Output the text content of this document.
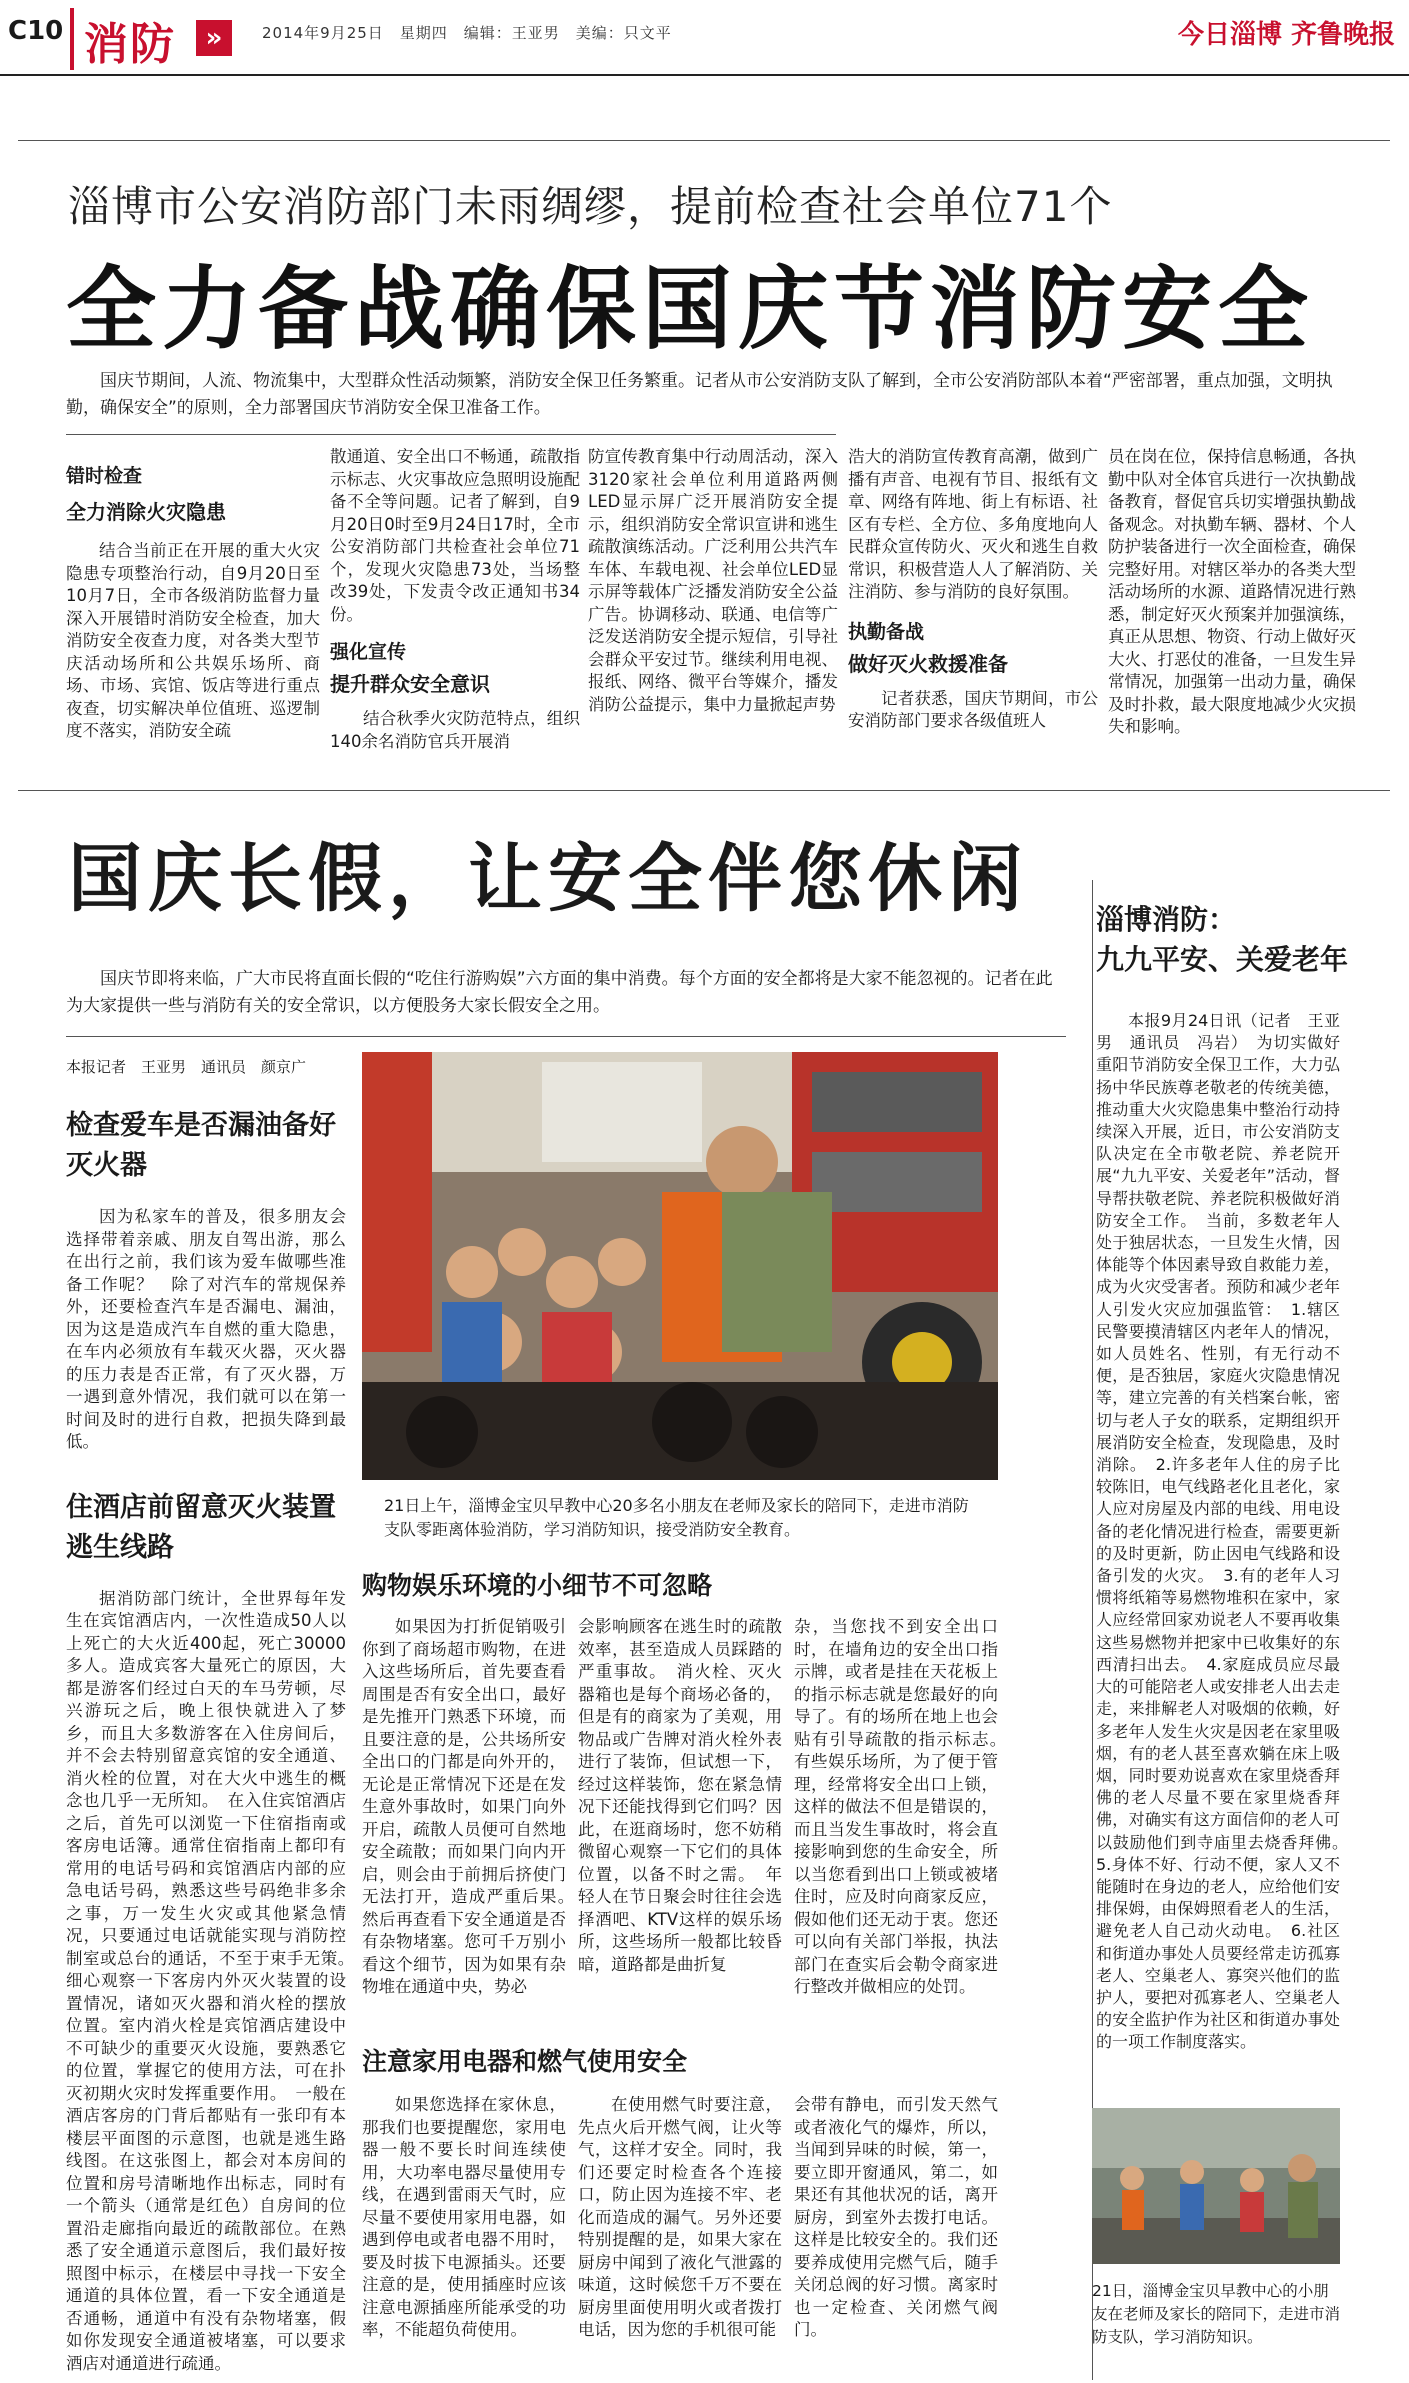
C10 消防	»	2014年9月25日　星期四　编辑：王亚男　美编：只文平	今日淄博 齐鲁晚报
淄博市公安消防部门未雨绸缪，提前检查社会单位71个
全力备战确保国庆节消防安全
国庆节期间，人流、物流集中，大型群众性活动频繁，消防安全保卫任务繁重。记者从市公安消防支队了解到，全市公安消防部队本着“严密部署，重点加强，文明执勤，确保安全”的原则，全力部署国庆节消防安全保卫准备工作。
错时检查
全力消除火灾隐患

结合当前正在开展的重大火灾隐患专项整治行动，自9月20日至10月7日，全市各级消防监督力量深入开展错时消防安全检查，加大消防安全夜查力度，对各类大型节庆活动场所和公共娱乐场所、商场、市场、宾馆、饭店等进行重点夜查，切实解决单位值班、巡逻制度不落实，消防安全疏

散通道、安全出口不畅通，疏散指示标志、火灾事故应急照明设施配备不全等问题。记者了解到，自9月20日0时至9月24日17时，全市公安消防部门共检查社会单位71个，发现火灾隐患73处，当场整改39处，下发责令改正通知书34份。

强化宣传
提升群众安全意识

结合秋季火灾防范特点，组织140余名消防官兵开展消

防宣传教育集中行动周活动，深入3120家社会单位利用道路两侧LED显示屏广泛开展消防安全提示，组织消防安全常识宣讲和逃生疏散演练活动。广泛利用公共汽车车体、车载电视、社会单位LED显示屏等载体广泛播发消防安全公益广告。协调移动、联通、电信等广泛发送消防安全提示短信，引导社会群众平安过节。继续利用电视、报纸、网络、微平台等媒介，播发消防公益提示，集中力量掀起声势

浩大的消防宣传教育高潮，做到广播有声音、电视有节目、报纸有文章、网络有阵地、街上有标语、社区有专栏、全方位、多角度地向人民群众宣传防火、灭火和逃生自救常识，积极营造人人了解消防、关注消防、参与消防的良好氛围。

执勤备战
做好灭火救援准备

记者获悉，国庆节期间，市公安消防部门要求各级值班人

员在岗在位，保持信息畅通，各执勤中队对全体官兵进行一次执勤战备教育，督促官兵切实增强执勤战备观念。对执勤车辆、器材、个人防护装备进行一次全面检查，确保完整好用。对辖区举办的各类大型活动场所的水源、道路情况进行熟悉，制定好灭火预案并加强演练，真正从思想、物资、行动上做好灭大火、打恶仗的准备，一旦发生异常情况，加强第一出动力量，确保及时扑救，最大限度地减少火灾损失和影响。

国庆长假，让安全伴您休闲
国庆节即将来临，广大市民将直面长假的“吃住行游购娱”六方面的集中消费。每个方面的安全都将是大家不能忽视的。记者在此为大家提供一些与消防有关的安全常识，以方便股务大家长假安全之用。
本报记者　王亚男　通讯员　颜京广
检查爱车是否漏油备好灭火器

因为私家车的普及，很多朋友会选择带着亲戚、朋友自驾出游，那么在出行之前，我们该为爱车做哪些准备工作呢？　除了对汽车的常规保养外，还要检查汽车是否漏电、漏油，因为这是造成汽车自燃的重大隐患，在车内必须放有车载灭火器，灭火器的压力表是否正常，有了灭火器，万一遇到意外情况，我们就可以在第一时间及时的进行自救，把损失降到最低。

住酒店前留意灭火装置逃生线路

据消防部门统计，全世界每年发生在宾馆酒店内，一次性造成50人以上死亡的大火近400起，死亡30000多人。造成宾客大量死亡的原因，大都是游客们经过白天的车马劳顿，尽兴游玩之后，晚上很快就进入了梦乡，而且大多数游客在入住房间后，并不会去特别留意宾馆的安全通道、消火栓的位置，对在大火中逃生的概念也几乎一无所知。　在入住宾馆酒店之后，首先可以浏览一下住宿指南或客房电话簿。通常住宿指南上都印有常用的电话号码和宾馆酒店内部的应急电话号码，熟悉这些号码绝非多余之事，万一发生火灾或其他紧急情况，只要通过电话就能实现与消防控制室或总台的通话，不至于束手无策。　细心观察一下客房内外灭火装置的设置情况，诸如灭火器和消火栓的摆放位置。室内消火栓是宾馆酒店建设中不可缺少的重要灭火设施，要熟悉它的位置，掌握它的使用方法，可在扑灭初期火灾时发挥重要作用。　一般在酒店客房的门背后都贴有一张印有本楼层平面图的示意图，也就是逃生路线图。在这张图上，都会对本房间的位置和房号清晰地作出标志，同时有一个箭头（通常是红色）自房间的位置沿走廊指向最近的疏散部位。在熟悉了安全通道示意图后，我们最好按照图中标示，在楼层中寻找一下安全通道的具体位置，看一下安全通道是否通畅，通道中有没有杂物堵塞，假如你发现安全通道被堵塞，可以要求酒店对通道进行疏通。

21日上午，淄博金宝贝早教中心20多名小朋友在老师及家长的陪同下，走进市消防支队零距离体验消防，学习消防知识，接受消防安全教育。
购物娱乐环境的小细节不可忽略

如果因为打折促销吸引你到了商场超市购物，在进入这些场所后，首先要查看周围是否有安全出口，最好是先推开门熟悉下环境，而且要注意的是，公共场所安全出口的门都是向外开的，无论是正常情况下还是在发生意外事故时，如果门向外开启，疏散人员便可自然地安全疏散；而如果门向内开启，则会由于前拥后挤使门无法打开，造成严重后果。　然后再查看下安全通道是否有杂物堵塞。您可千万别小看这个细节，因为如果有杂物堆在通道中央，势必

会影响顾客在逃生时的疏散效率，甚至造成人员踩踏的严重事故。　消火栓、灭火器箱也是每个商场必备的，但是有的商家为了美观，用物品或广告牌对消火栓外表进行了装饰，但试想一下，经过这样装饰，您在紧急情况下还能找得到它们吗？因此，在逛商场时，您不妨稍微留心观察一下它们的具体位置，以备不时之需。　年轻人在节日聚会时往往会选择酒吧、KTV这样的娱乐场所，这些场所一般都比较昏暗，道路都是曲折复

杂，当您找不到安全出口时，在墙角边的安全出口指示牌，或者是挂在天花板上的指示标志就是您最好的向导了。有的场所在地上也会贴有引导疏散的指示标志。　有些娱乐场所，为了便于管理，经常将安全出口上锁，这样的做法不但是错误的，而且当发生事故时，将会直接影响到您的生命安全，所以当您看到出口上锁或被堵住时，应及时向商家反应，假如他们还无动于衷。您还可以向有关部门举报，执法部门在查实后会勒令商家进行整改并做相应的处罚。

注意家用电器和燃气使用安全

如果您选择在家休息，那我们也要提醒您，家用电器一般不要长时间连续使用，大功率电器尽量使用专线，在遇到雷雨天气时，应尽量不要使用家用电器，如遇到停电或者电器不用时，要及时拔下电源插头。还要注意的是，使用插座时应该注意电源插座所能承受的功率，不能超负荷使用。

在使用燃气时要注意，先点火后开燃气阀，让火等气，这样才安全。同时，我们还要定时检查各个连接口，防止因为连接不牢、老化而造成的漏气。另外还要特别提醒的是，如果大家在厨房中闻到了液化气泄露的味道，这时候您千万不要在厨房里面使用明火或者拨打电话，因为您的手机很可能

会带有静电，而引发天然气或者液化气的爆炸，所以，当闻到异味的时候，第一，要立即开窗通风，第二，如果还有其他状况的话，离开厨房，到室外去拨打电话。这样是比较安全的。我们还要养成使用完燃气后，随手关闭总阀的好习惯。离家时也一定检查、关闭燃气阀门。

淄博消防：
九九平安、关爱老年

本报9月24日讯（记者　王亚男　通讯员　冯岩）　为切实做好重阳节消防安全保卫工作，大力弘扬中华民族尊老敬老的传统美德，推动重大火灾隐患集中整治行动持续深入开展，近日，市公安消防支队决定在全市敬老院、养老院开展“九九平安、关爱老年”活动，督导帮扶敬老院、养老院积极做好消防安全工作。　当前，多数老年人处于独居状态，一旦发生火情，因体能等个体因素导致自救能力差，成为火灾受害者。预防和减少老年人引发火灾应加强监管：　1.辖区民警要摸清辖区内老年人的情况，如人员姓名、性别，有无行动不便，是否独居，家庭火灾隐患情况等，建立完善的有关档案台帐，密切与老人子女的联系，定期组织开展消防安全检查，发现隐患，及时消除。　2.许多老年人住的房子比较陈旧，电气线路老化且老化，家人应对房屋及内部的电线、用电设备的老化情况进行检查，需要更新的及时更新，防止因电气线路和设备引发的火灾。　3.有的老年人习惯将纸箱等易燃物堆积在家中，家人应经常回家劝说老人不要再收集这些易燃物并把家中已收集好的东西清扫出去。　4.家庭成员应尽最大的可能陪老人或安排老人出去走走，来排解老人对吸烟的依赖，好多老年人发生火灾是因老在家里吸烟，有的老人甚至喜欢躺在床上吸烟，同时要劝说喜欢在家里烧香拜佛的老人尽量不要在家里烧香拜佛，对确实有这方面信仰的老人可以鼓励他们到寺庙里去烧香拜佛。　5.身体不好、行动不便，家人又不能随时在身边的老人，应给他们安排保姆，由保姆照看老人的生活，避免老人自己动火动电。　6.社区和街道办事处人员要经常走访孤寡老人、空巢老人、寡突兴他们的监护人，要把对孤寡老人、空巢老人的安全监护作为社区和街道办事处的一项工作制度落实。

21日，淄博金宝贝早教中心的小朋友在老师及家长的陪同下，走进市消防支队，学习消防知识。
